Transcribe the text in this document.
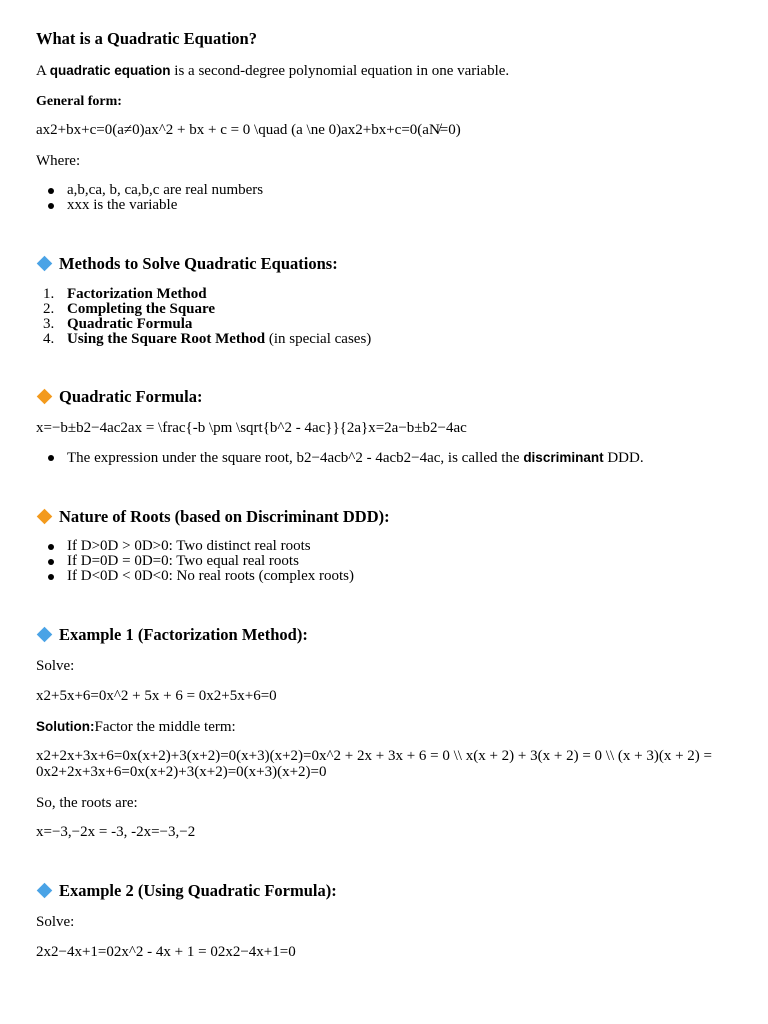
What is a Quadratic Equation?

A quadratic equation is a second-degree polynomial equation in one variable.

General form:

ax2+bx+c=0(a≠0)ax^2 + bx + c = 0 \quad (a \ne 0)ax2+bx+c=0(aN̸=0)

Where:

a,b,ca, b, ca,b,c are real numbers
xxx is the variable
Methods to Solve Quadratic Equations:
1. Factorization Method
2. Completing the Square
3. Quadratic Formula
4. Using the Square Root Method (in special cases)
Quadratic Formula:

x=−b±b2−4ac2ax = \frac{-b \pm \sqrt{b^2 - 4ac}}{2a}x=2a−b±b2−4ac

The expression under the square root, b2−4acb^2 - 4acb2−4ac, is called the discriminant DDD.
Nature of Roots (based on Discriminant DDD):
If D>0D > 0D>0: Two distinct real roots
If D=0D = 0D=0: Two equal real roots
If D<0D < 0D<0: No real roots (complex roots)
Example 1 (Factorization Method):

Solve:

x2+5x+6=0x^2 + 5x + 6 = 0x2+5x+6=0

Solution:Factor the middle term:

x2+2x+3x+6=0x(x+2)+3(x+2)=0(x+3)(x+2)=0x^2 + 2x + 3x + 6 = 0 \\ x(x + 2) + 3(x + 2) = 0 \\ (x + 3)(x + 2) = 0x2+2x+3x+6=0x(x+2)+3(x+2)=0(x+3)(x+2)=0

So, the roots are:

x=−3,−2x = -3, -2x=−3,−2

Example 2 (Using Quadratic Formula):

Solve:

2x2−4x+1=02x^2 - 4x + 1 = 02x2−4x+1=0
